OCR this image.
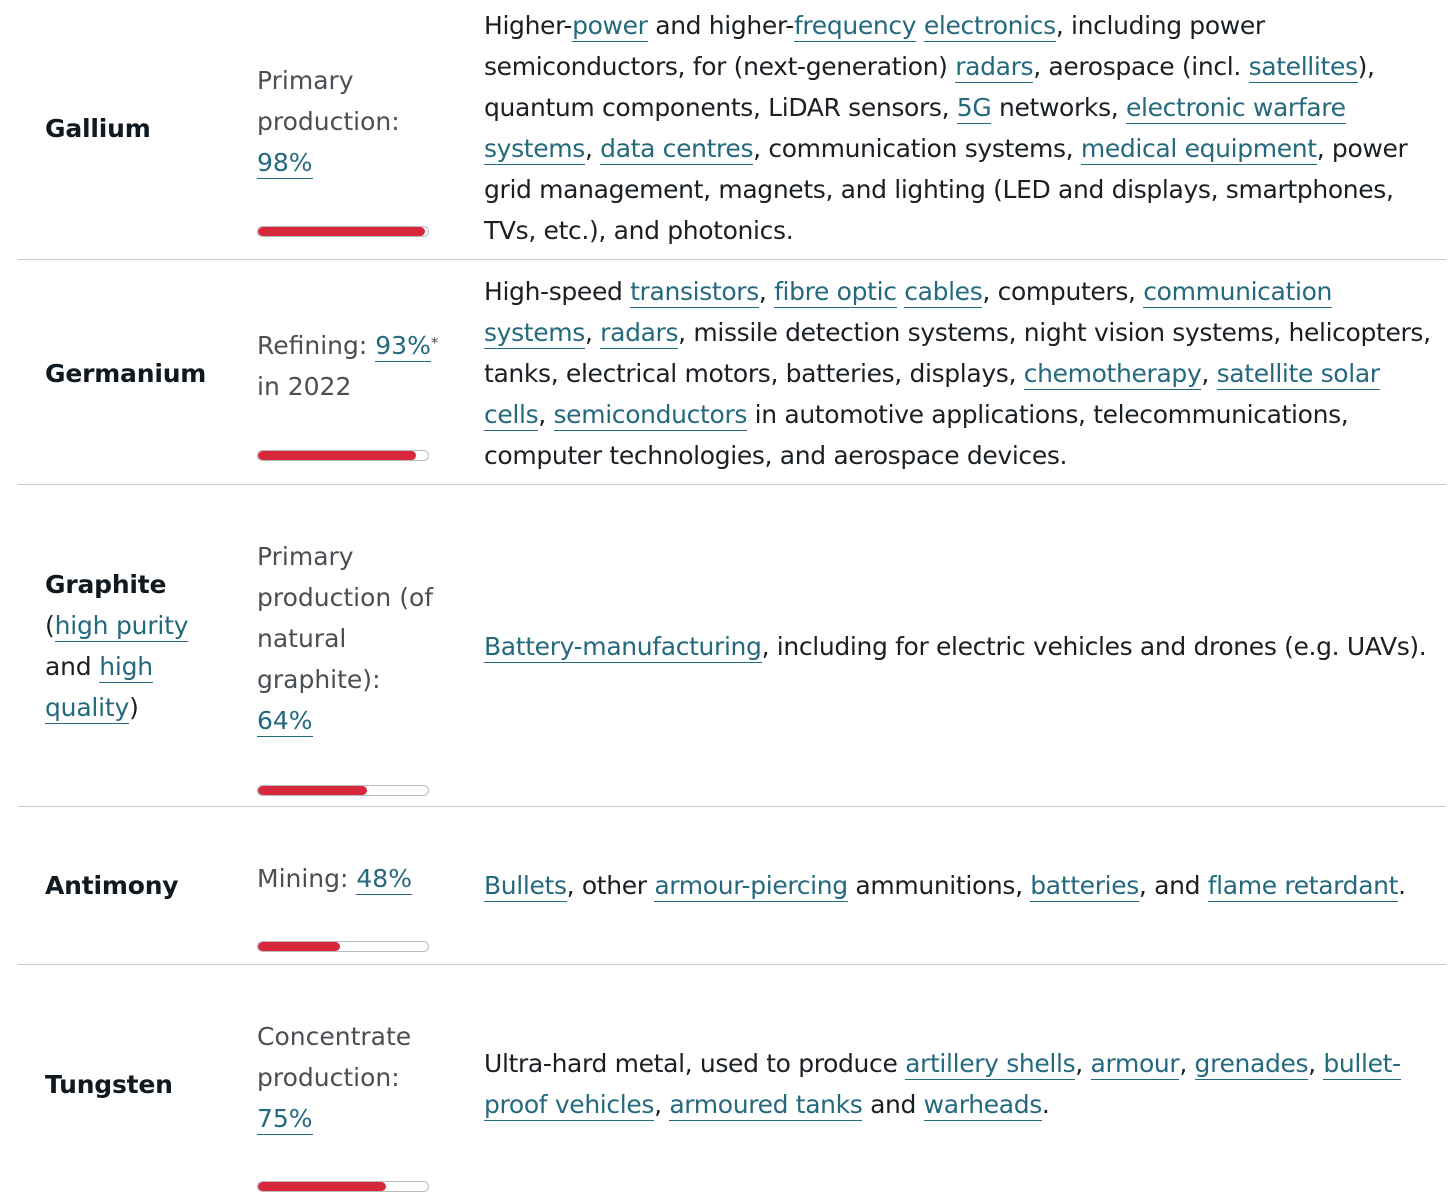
Gallium
Primary production: 98%
Higher-power and higher-frequency electronics, including power semiconductors, for (next-generation) radars, aerospace (incl. satellites), quantum components, LiDAR sensors, 5G networks, electronic warfare systems, data centres, communication systems, medical equipment, power grid management, magnets, and lighting (LED and displays, smartphones, TVs, etc.), and photonics.
Germanium
Refining: 93%*
in 2022
High-speed transistors, fibre optic cables, computers, communication systems, radars, missile detection systems, night vision systems, helicopters, tanks, electrical motors, batteries, displays, chemotherapy, satellite solar cells, semiconductors in automotive applications, telecommunications, computer technologies, and aerospace devices.
Graphite
(high purity and high quality)
Primary production (of natural graphite): 64%
Battery-manufacturing, including for electric vehicles and drones (e.g. UAVs).
Antimony	Mining: 48%	Bullets, other armour-piercing ammunitions, batteries, and flame retardant.
Tungsten
Concentrate production: 75%
Ultra-hard metal, used to produce artillery shells, armour, grenades, bullet-proof vehicles, armoured tanks and warheads.
